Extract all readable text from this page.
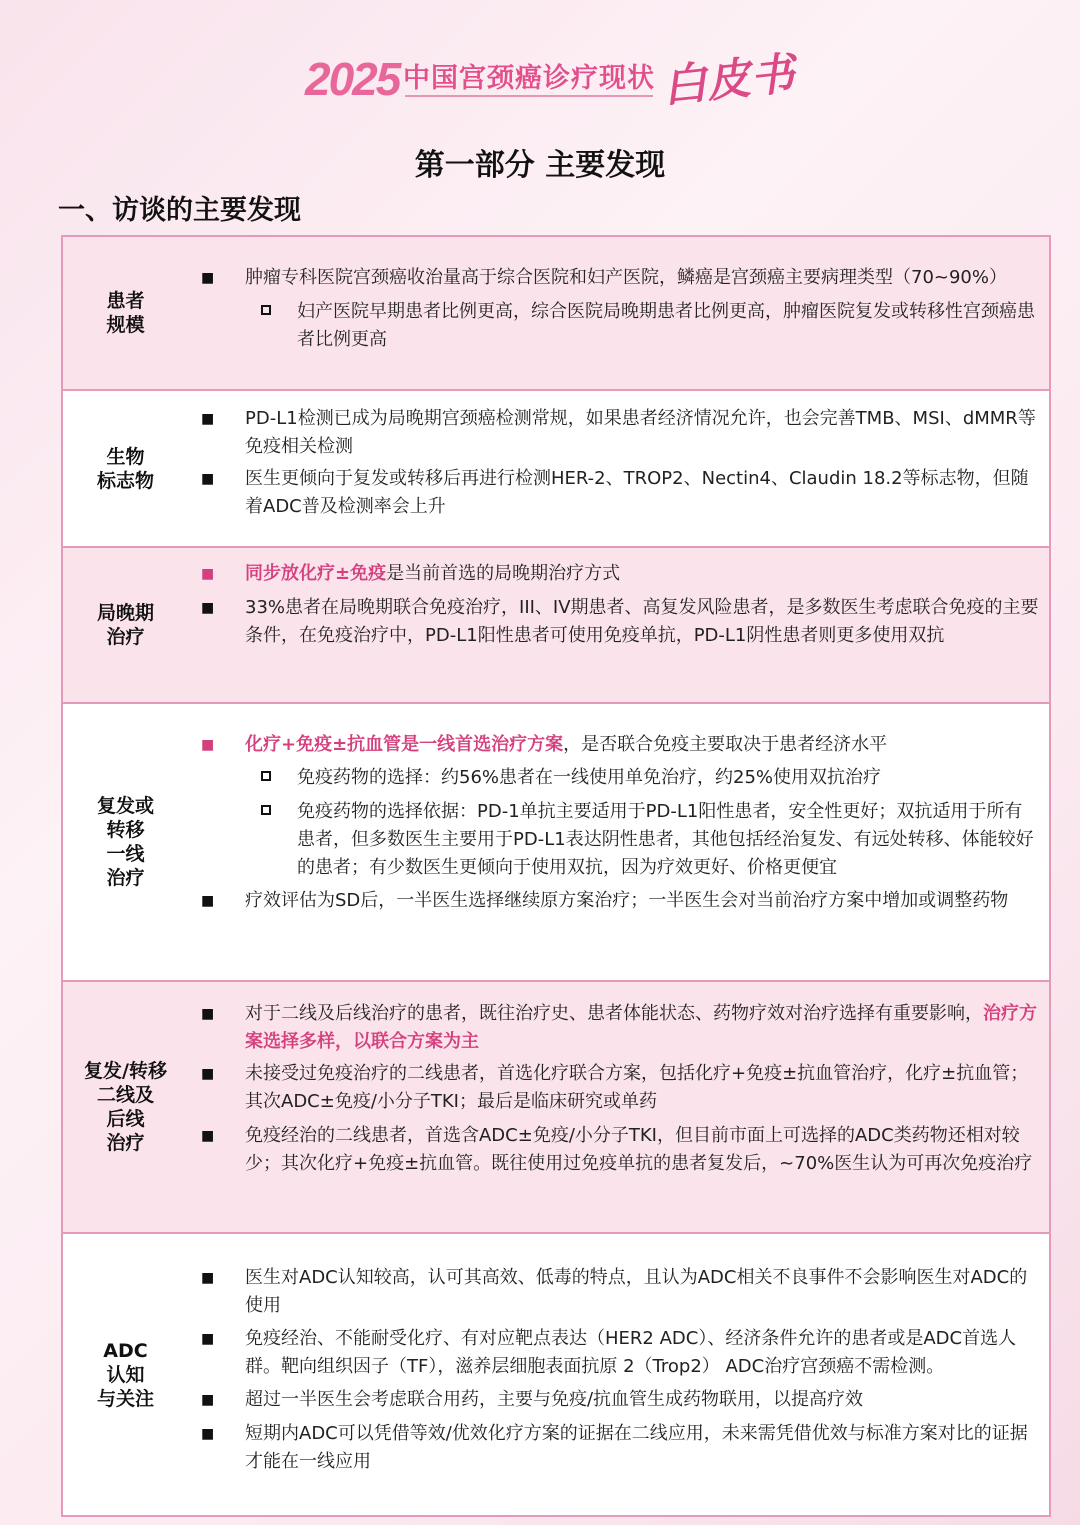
2025 中国宫颈癌诊疗现状 白皮书
第一部分 主要发现
一、访谈的主要发现
患者
规模
■ 肿瘤专科医院宫颈癌收治量高于综合医院和妇产医院，鳞癌是宫颈癌主要病理类型（70~90%）
妇产医院早期患者比例更高，综合医院局晚期患者比例更高，肿瘤医院复发或转移性宫颈癌患者比例更高
生物
标志物
■ PD-L1检测已成为局晚期宫颈癌检测常规，如果患者经济情况允许，也会完善TMB、MSI、dMMR等免疫相关检测
■ 医生更倾向于复发或转移后再进行检测HER-2、TROP2、Nectin4、Claudin 18.2等标志物，但随着ADC普及检测率会上升
局晚期
治疗
■ 同步放化疗±免疫是当前首选的局晚期治疗方式
■ 33%患者在局晚期联合免疫治疗，III、IV期患者、高复发风险患者，是多数医生考虑联合免疫的主要条件，在免疫治疗中，PD-L1阳性患者可使用免疫单抗，PD-L1阴性患者则更多使用双抗
复发或
转移
一线
治疗
■ 化疗+免疫±抗血管是一线首选治疗方案，是否联合免疫主要取决于患者经济水平
免疫药物的选择：约56%患者在一线使用单免治疗，约25%使用双抗治疗
免疫药物的选择依据：PD-1单抗主要适用于PD-L1阳性患者，安全性更好；双抗适用于所有患者，但多数医生主要用于PD-L1表达阴性患者，其他包括经治复发、有远处转移、体能较好的患者；有少数医生更倾向于使用双抗，因为疗效更好、价格更便宜
■ 疗效评估为SD后，一半医生选择继续原方案治疗；一半医生会对当前治疗方案中增加或调整药物
复发/转移
二线及
后线
治疗
■ 对于二线及后线治疗的患者，既往治疗史、患者体能状态、药物疗效对治疗选择有重要影响，治疗方案选择多样，以联合方案为主
■ 未接受过免疫治疗的二线患者，首选化疗联合方案，包括化疗+免疫±抗血管治疗，化疗±抗血管；其次ADC±免疫/小分子TKI；最后是临床研究或单药
■ 免疫经治的二线患者，首选含ADC±免疫/小分子TKI，但目前市面上可选择的ADC类药物还相对较少；其次化疗+免疫±抗血管。既往使用过免疫单抗的患者复发后，~70%医生认为可再次免疫治疗
ADC
认知
与关注
■ 医生对ADC认知较高，认可其高效、低毒的特点，且认为ADC相关不良事件不会影响医生对ADC的使用
■ 免疫经治、不能耐受化疗、有对应靶点表达（HER2 ADC）、经济条件允许的患者或是ADC首选人群。靶向组织因子（TF），滋养层细胞表面抗原 2（Trop2） ADC治疗宫颈癌不需检测。
■ 超过一半医生会考虑联合用药，主要与免疫/抗血管生成药物联用，以提高疗效
■ 短期内ADC可以凭借等效/优效化疗方案的证据在二线应用，未来需凭借优效与标准方案对比的证据才能在一线应用
